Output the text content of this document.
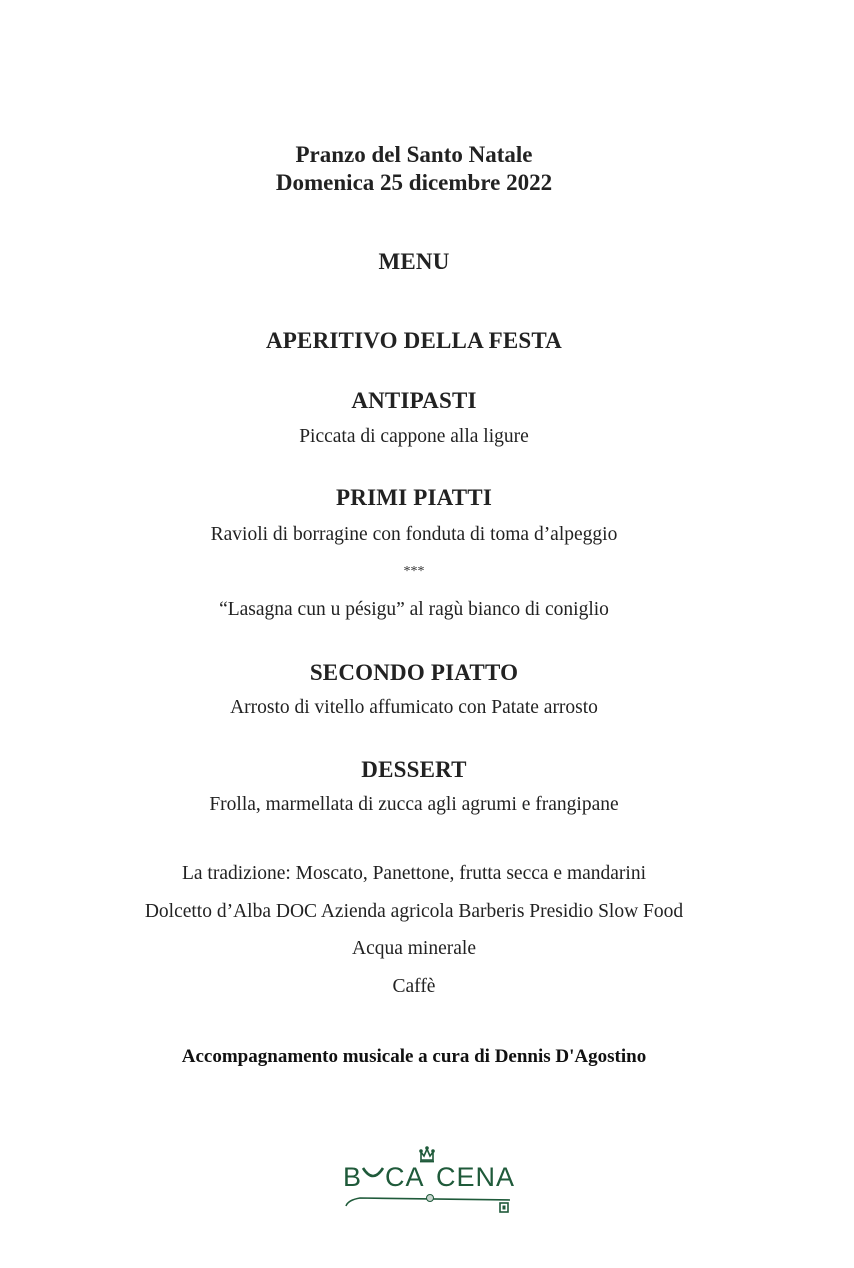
Pranzo del Santo Natale
Domenica 25 dicembre 2022
MENU
APERITIVO DELLA FESTA
ANTIPASTI
Piccata di cappone alla ligure
PRIMI PIATTI
Ravioli di borragine con fonduta di toma d’alpeggio
***
“Lasagna cun u pésigu” al ragù bianco di coniglio
SECONDO PIATTO
Arrosto di vitello affumicato con Patate arrosto
DESSERT
Frolla, marmellata di zucca agli agrumi e frangipane
La tradizione: Moscato, Panettone, frutta secca e mandarini
Dolcetto d’Alba DOC Azienda agricola Barberis Presidio Slow Food
Acqua minerale
Caffè
Accompagnamento musicale a cura di Dennis D'Agostino
B CA CENA
